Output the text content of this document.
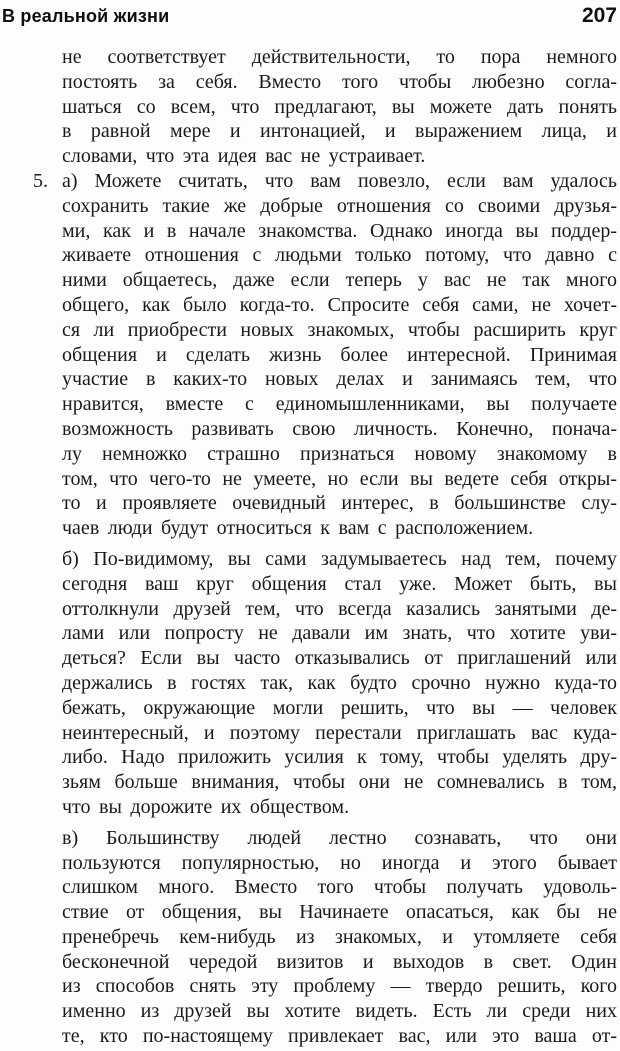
В реальной жизни	207
не соответствует действительности, то пора немного
постоять за себя. Вместо того чтобы любезно согла-
шаться со всем, что предлагают, вы можете дать понять
в равной мере и интонацией, и выражением лица, и
словами, что эта идея вас не устраивает.
5. а) Можете считать, что вам повезло, если вам удалось
сохранить такие же добрые отношения со своими друзья-
ми, как и в начале знакомства. Однако иногда вы поддер-
живаете отношения с людьми только потому, что давно с
ними общаетесь, даже если теперь у вас не так много
общего, как было когда-то. Спросите себя сами, не хочет-
ся ли приобрести новых знакомых, чтобы расширить круг
общения и сделать жизнь более интересной. Принимая
участие в каких-то новых делах и занимаясь тем, что
нравится, вместе с единомышленниками, вы получаете
возможность развивать свою личность. Конечно, понача-
лу немножко страшно признаться новому знакомому в
том, что чего-то не умеете, но если вы ведете себя откры-
то и проявляете очевидный интерес, в большинстве слу-
чаев люди будут относиться к вам с расположением.
б) По-видимому, вы сами задумываетесь над тем, почему
сегодня ваш круг общения стал уже. Может быть, вы
оттолкнули друзей тем, что всегда казались занятыми де-
лами или попросту не давали им знать, что хотите уви-
деться? Если вы часто отказывались от приглашений или
держались в гостях так, как будто срочно нужно куда-то
бежать, окружающие могли решить, что вы — человек
неинтересный, и поэтому перестали приглашать вас куда-
либо. Надо приложить усилия к тому, чтобы уделять дру-
зьям больше внимания, чтобы они не сомневались в том,
что вы дорожите их обществом.
в) Большинству людей лестно сознавать, что они
пользуются популярностью, но иногда и этого бывает
слишком много. Вместо того чтобы получать удоволь-
ствие от общения, вы Начинаете опасаться, как бы не
пренебречь кем-нибудь из знакомых, и утомляете себя
бесконечной чередой визитов и выходов в свет. Один
из способов снять эту проблему — твердо решить, кого
именно из друзей вы хотите видеть. Есть ли среди них
те, кто по-настоящему привлекает вас, или это ваша от-
